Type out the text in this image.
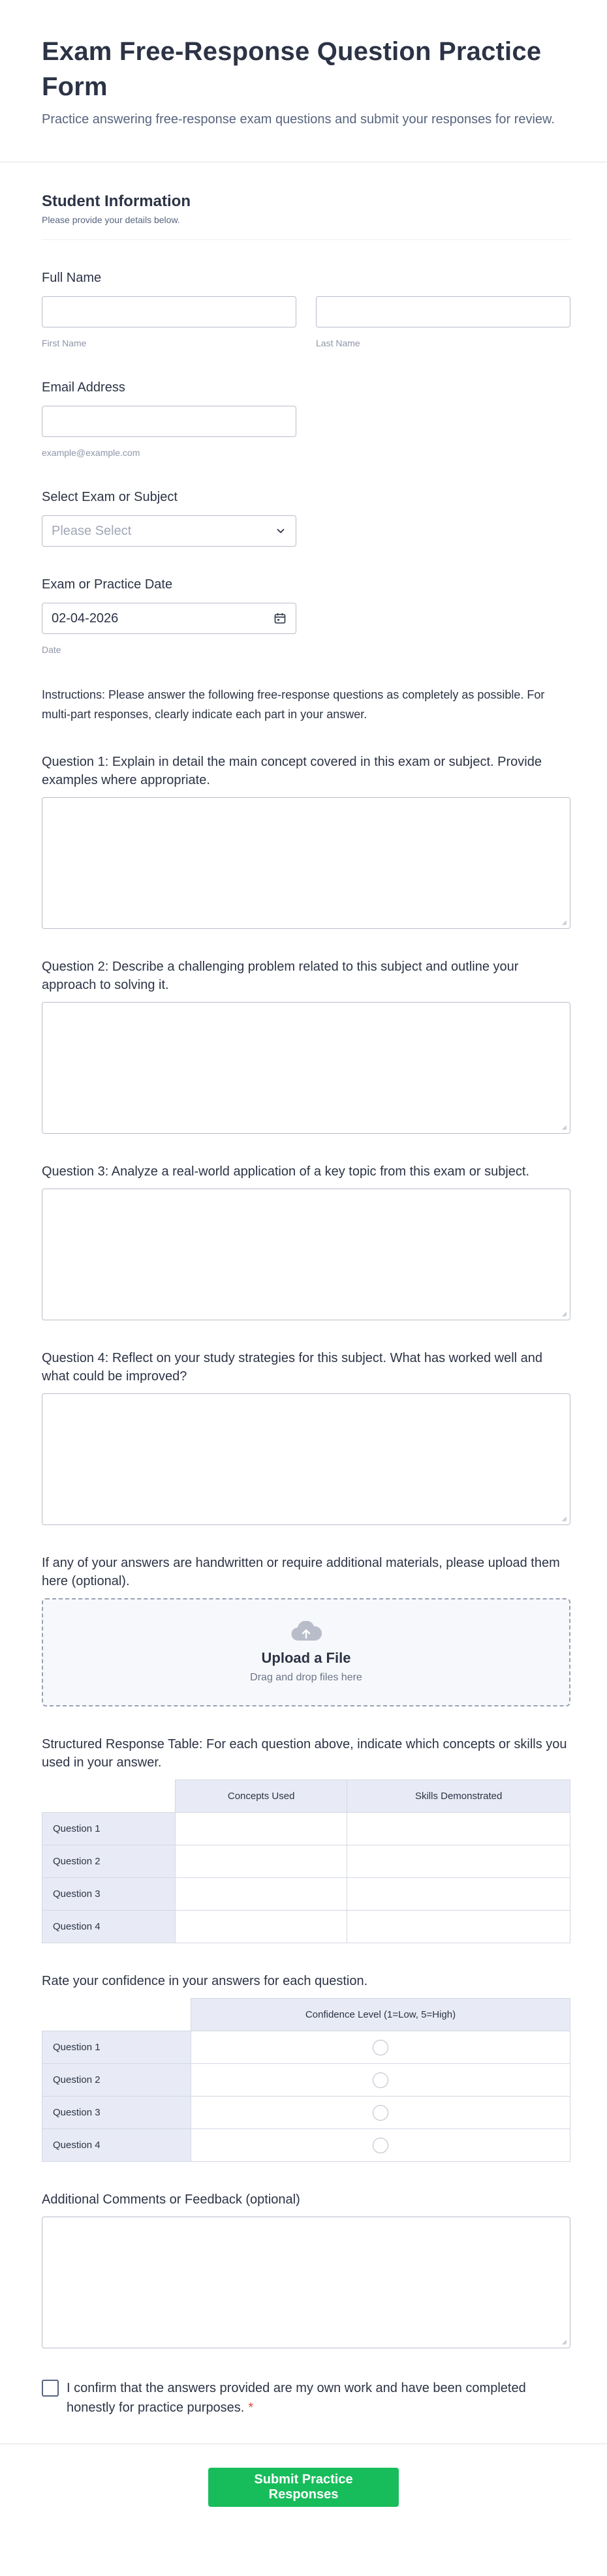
Exam Free-Response Question Practice Form

Practice answering free-response exam questions and submit your responses for review.

Student Information
Please provide your details below.
Full Name
First Name	Last Name
Email Address
example@example.com
Select Exam or Subject
Please Select
Exam or Practice Date
02-04-2026
Date

Instructions: Please answer the following free-response questions as completely as possible. For multi-part responses, clearly indicate each part in your answer.

Question 1: Explain in detail the main concept covered in this exam or subject. Provide examples where appropriate.
Question 2: Describe a challenging problem related to this subject and outline your approach to solving it.
Question 3: Analyze a real-world application of a key topic from this exam or subject.
Question 4: Reflect on your study strategies for this subject. What has worked well and what could be improved?
If any of your answers are handwritten or require additional materials, please upload them here (optional).
Upload a File
Drag and drop files here
Structured Response Table: For each question above, indicate which concepts or skills you used in your answer.
	Concepts Used	Skills Demonstrated
Question 1		
Question 2		
Question 3		
Question 4		
Rate your confidence in your answers for each question.
	Confidence Level (1=Low, 5=High)
Question 1	

Question 2	

Question 3	

Question 4	
Additional Comments or Feedback (optional)
I confirm that the answers provided are my own work and have been completed honestly for practice purposes. *
Submit Practice Responses
